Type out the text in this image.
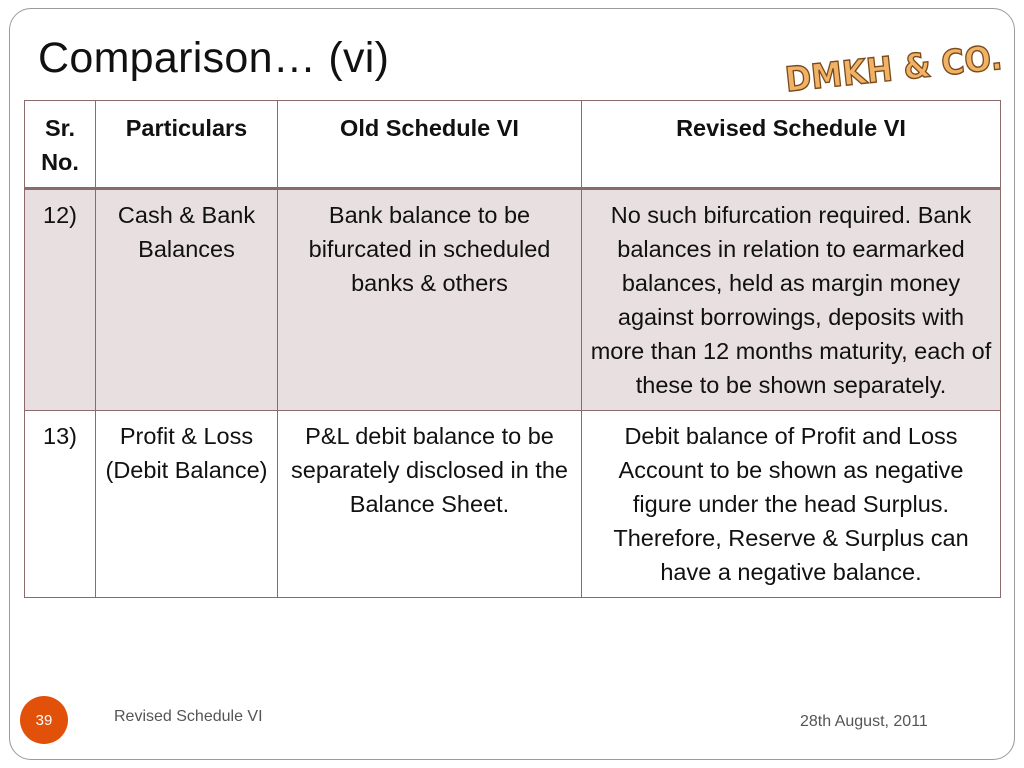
Comparison… (vi)	DMKH & CO.
Sr. No.	Particulars	Old Schedule VI	Revised Schedule VI
12)	Cash & Bank Balances	Bank balance to be bifurcated in scheduled banks & others	No such bifurcation required. Bank balances in relation to earmarked balances, held as margin money against borrowings, deposits with more than 12 months maturity, each of these to be shown separately.
13)	Profit & Loss (Debit Balance)	P&L debit balance to be separately disclosed in the Balance Sheet.	Debit balance of Profit and Loss Account to be shown as negative figure under the head Surplus. Therefore, Reserve & Surplus can have a negative balance.
39	Revised Schedule VI	28th August, 2011
